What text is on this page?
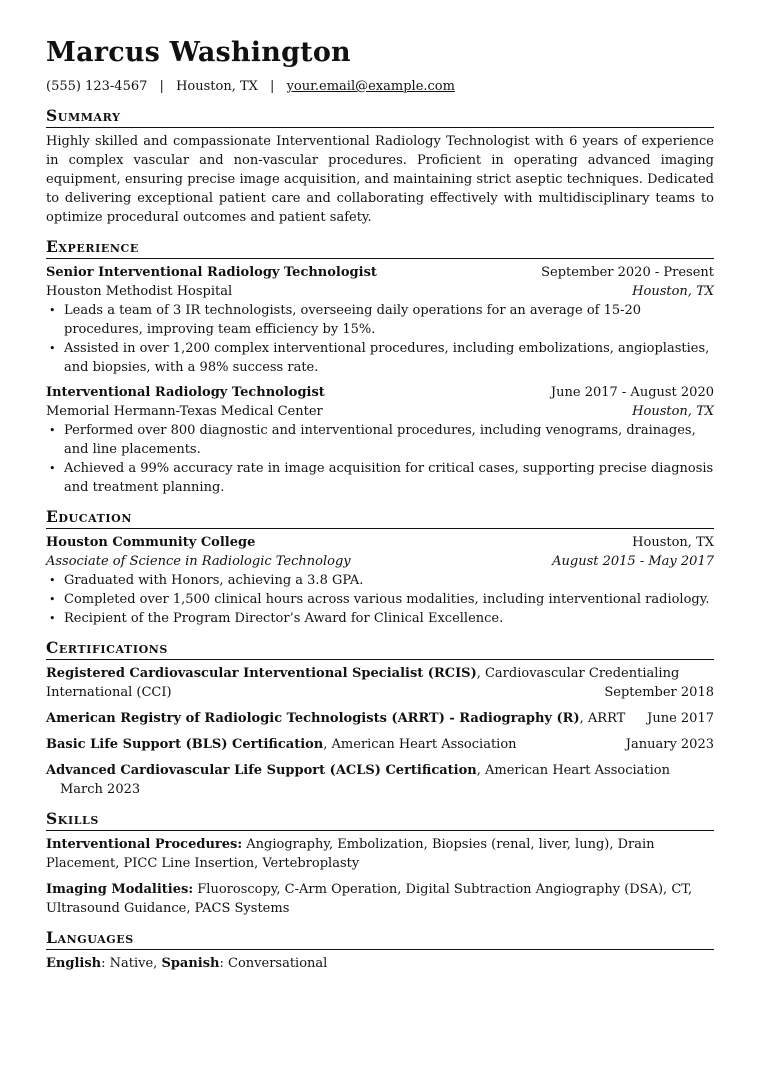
Marcus Washington
(555) 123-4567 | Houston, TX | your.email@example.com
Summary
Highly skilled and compassionate Interventional Radiology Technologist with 6 years of experience in complex vascular and non-vascular procedures. Proficient in operating advanced imaging equipment, ensuring precise image acquisition, and maintaining strict aseptic techniques. Dedicated to delivering exceptional patient care and collaborating effectively with multidisciplinary teams to optimize procedural outcomes and patient safety.
Experience
Senior Interventional Radiology Technologist	September 2020 - Present
Houston Methodist Hospital	Houston, TX
• Leads a team of 3 IR technologists, overseeing daily operations for an average of 15-20 procedures, improving team efficiency by 15%.
• Assisted in over 1,200 complex interventional procedures, including embolizations, angioplasties, and biopsies, with a 98% success rate.
Interventional Radiology Technologist	June 2017 - August 2020
Memorial Hermann-Texas Medical Center	Houston, TX
• Performed over 800 diagnostic and interventional procedures, including venograms, drainages, and line placements.
• Achieved a 99% accuracy rate in image acquisition for critical cases, supporting precise diagnosis and treatment planning.
Education
Houston Community College	Houston, TX
Associate of Science in Radiologic Technology	August 2015 - May 2017
• Graduated with Honors, achieving a 3.8 GPA.
• Completed over 1,500 clinical hours across various modalities, including interventional radiology.
• Recipient of the Program Director’s Award for Clinical Excellence.
Certifications
Registered Cardiovascular Interventional Specialist (RCIS), Cardiovascular Credentialing International (CCI)	September 2018
American Registry of Radiologic Technologists (ARRT) - Radiography (R), ARRT June 2017
Basic Life Support (BLS) Certification, American Heart Association	January 2023
Advanced Cardiovascular Life Support (ACLS) Certification, American Heart Association March 2023
Skills
Interventional Procedures: Angiography, Embolization, Biopsies (renal, liver, lung), Drain Placement, PICC Line Insertion, Vertebroplasty
Imaging Modalities: Fluoroscopy, C-Arm Operation, Digital Subtraction Angiography (DSA), CT, Ultrasound Guidance, PACS Systems
Languages
English: Native, Spanish: Conversational
